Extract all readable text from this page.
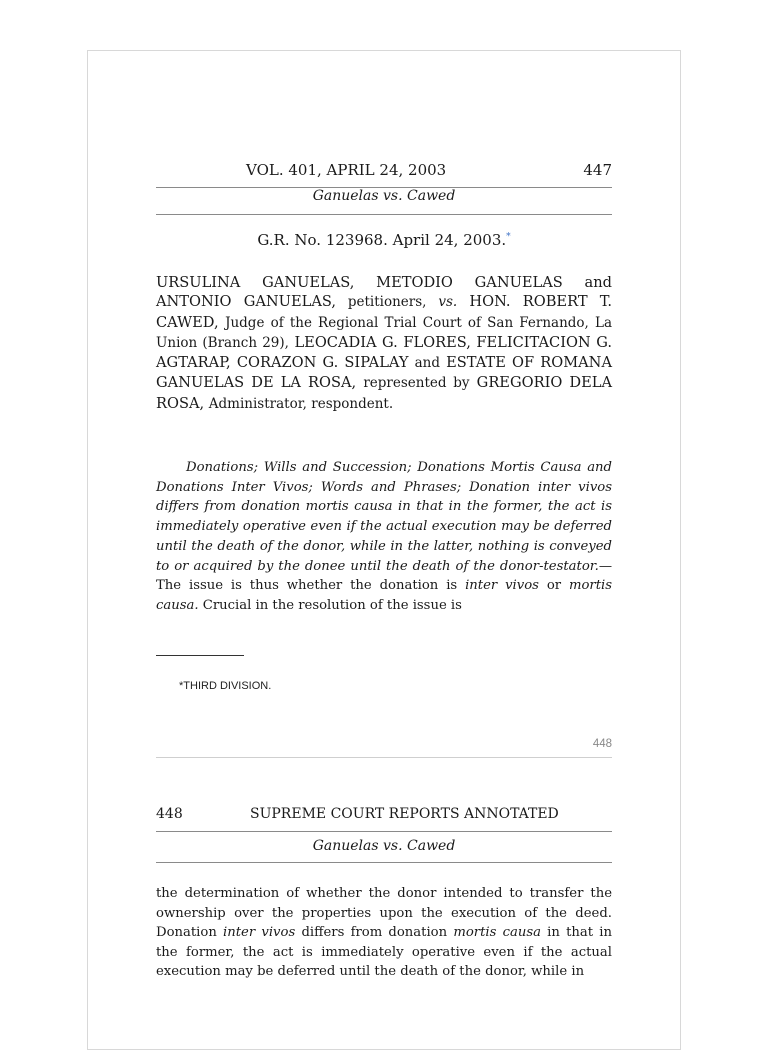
VOL. 401, APRIL 24, 2003	447
Ganuelas vs. Cawed
G.R. No. 123968. April 24, 2003.*
URSULINA GANUELAS, METODIO GANUELAS and ANTONIO GANUELAS, petitioners, vs. HON. ROBERT T. CAWED, Judge of the Regional Trial Court of San Fernando, La Union (Branch 29), LEOCADIA G. FLORES, FELICITACION G. AGTARAP, CORAZON G. SIPALAY and ESTATE OF ROMANA GANUELAS DE LA ROSA, represented by GREGORIO DELA ROSA, Administrator, respondent.
Donations; Wills and Succession; Donations Mortis Causa and Donations Inter Vivos; Words and Phrases; Donation inter vivos differs from donation mortis causa in that in the former, the act is immediately operative even if the actual execution may be deferred until the death of the donor, while in the latter, nothing is conveyed to or acquired by the donee until the death of the donor-testator.—The issue is thus whether the donation is inter vivos or mortis causa. Crucial in the resolution of the issue is
*THIRD DIVISION.
448
448	SUPREME COURT REPORTS ANNOTATED
Ganuelas vs. Cawed
the determination of whether the donor intended to transfer the ownership over the properties upon the execution of the deed. Donation inter vivos differs from donation mortis causa in that in the former, the act is immediately operative even if the actual execution may be deferred until the death of the donor, while in
